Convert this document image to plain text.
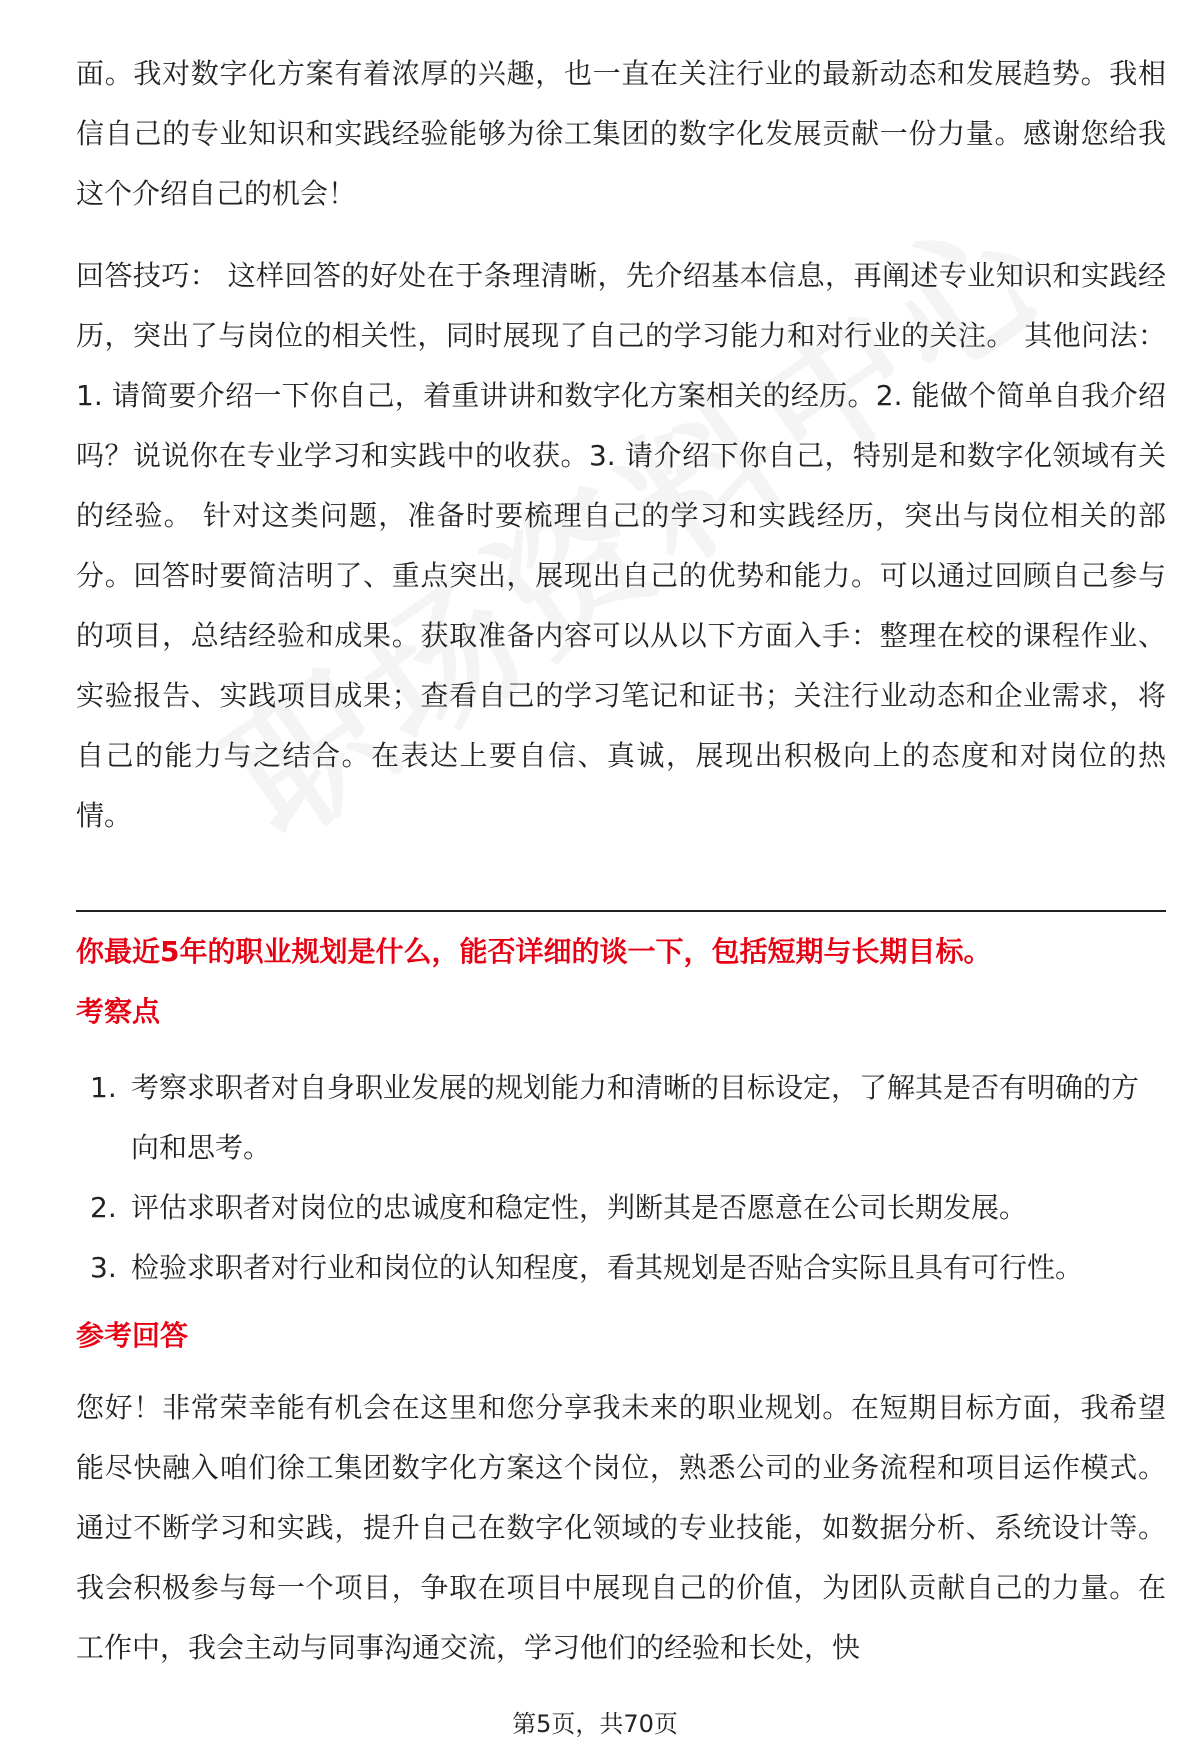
面。我对数字化方案有着浓厚的兴趣，也一直在关注行业的最新动态和发展趋势。我相信自己的专业知识和实践经验能够为徐工集团的数字化发展贡献一份力量。感谢您给我这个介绍自己的机会！

回答技巧： 这样回答的好处在于条理清晰，先介绍基本信息，再阐述专业知识和实践经历，突出了与岗位的相关性，同时展现了自己的学习能力和对行业的关注。 其他问法：1. 请简要介绍一下你自己，着重讲讲和数字化方案相关的经历。2. 能做个简单自我介绍吗？说说你在专业学习和实践中的收获。3. 请介绍下你自己，特别是和数字化领域有关的经验。 针对这类问题，准备时要梳理自己的学习和实践经历，突出与岗位相关的部分。回答时要简洁明了、重点突出，展现出自己的优势和能力。可以通过回顾自己参与的项目，总结经验和成果。获取准备内容可以从以下方面入手：整理在校的课程作业、实验报告、实践项目成果；查看自己的学习笔记和证书；关注行业动态和企业需求，将自己的能力与之结合。在表达上要自信、真诚，展现出积极向上的态度和对岗位的热情。

你最近5年的职业规划是什么，能否详细的谈一下，包括短期与长期目标。

考察点

1. 考察求职者对自身职业发展的规划能力和清晰的目标设定，了解其是否有明确的方向和思考。
2. 评估求职者对岗位的忠诚度和稳定性，判断其是否愿意在公司长期发展。
3. 检验求职者对行业和岗位的认知程度，看其规划是否贴合实际且具有可行性。

参考回答

您好！非常荣幸能有机会在这里和您分享我未来的职业规划。在短期目标方面，我希望能尽快融入咱们徐工集团数字化方案这个岗位，熟悉公司的业务流程和项目运作模式。通过不断学习和实践，提升自己在数字化领域的专业技能，如数据分析、系统设计等。我会积极参与每一个项目，争取在项目中展现自己的价值，为团队贡献自己的力量。在工作中，我会主动与同事沟通交流，学习他们的经验和长处，快

第5页，共70页
